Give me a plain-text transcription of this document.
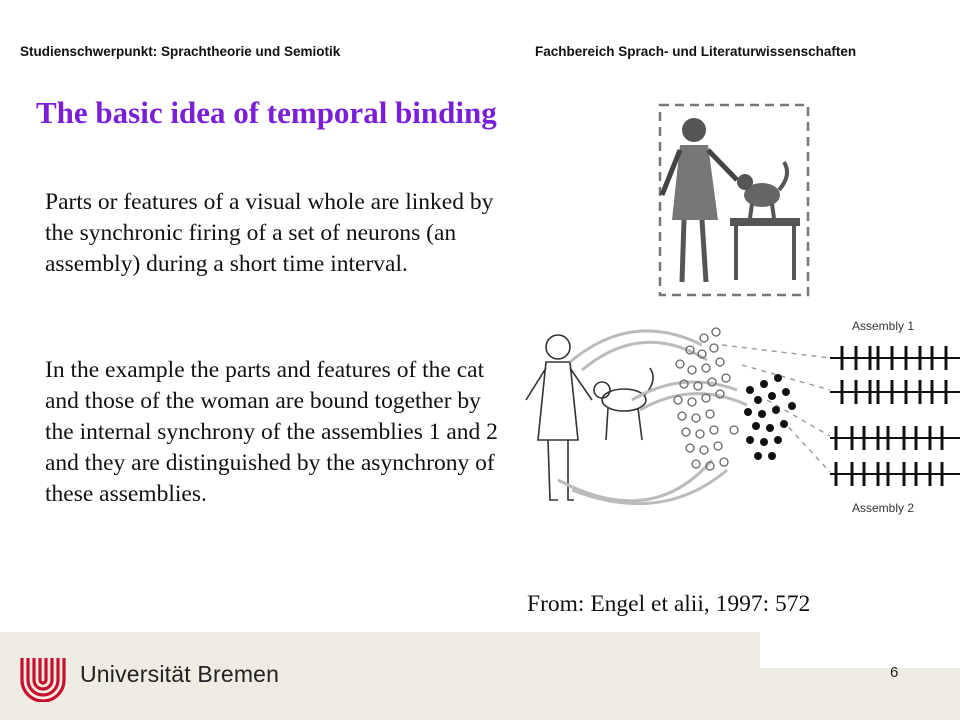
Studienschwerpunkt: Sprachtheorie und Semiotik	Fachbereich Sprach- und Literaturwissenschaften
The basic idea of temporal binding
Parts or features of a visual whole are linked by the synchronic firing of a set of neurons (an assembly) during a short time interval.
In the example the parts and features of the cat and those of the woman are bound together by the internal synchrony of the assemblies 1 and 2 and they are distinguished by the asynchrony of these assemblies.
Assembly 1
Assembly 2
From: Engel et alii, 1997: 572
Universität Bremen	6
